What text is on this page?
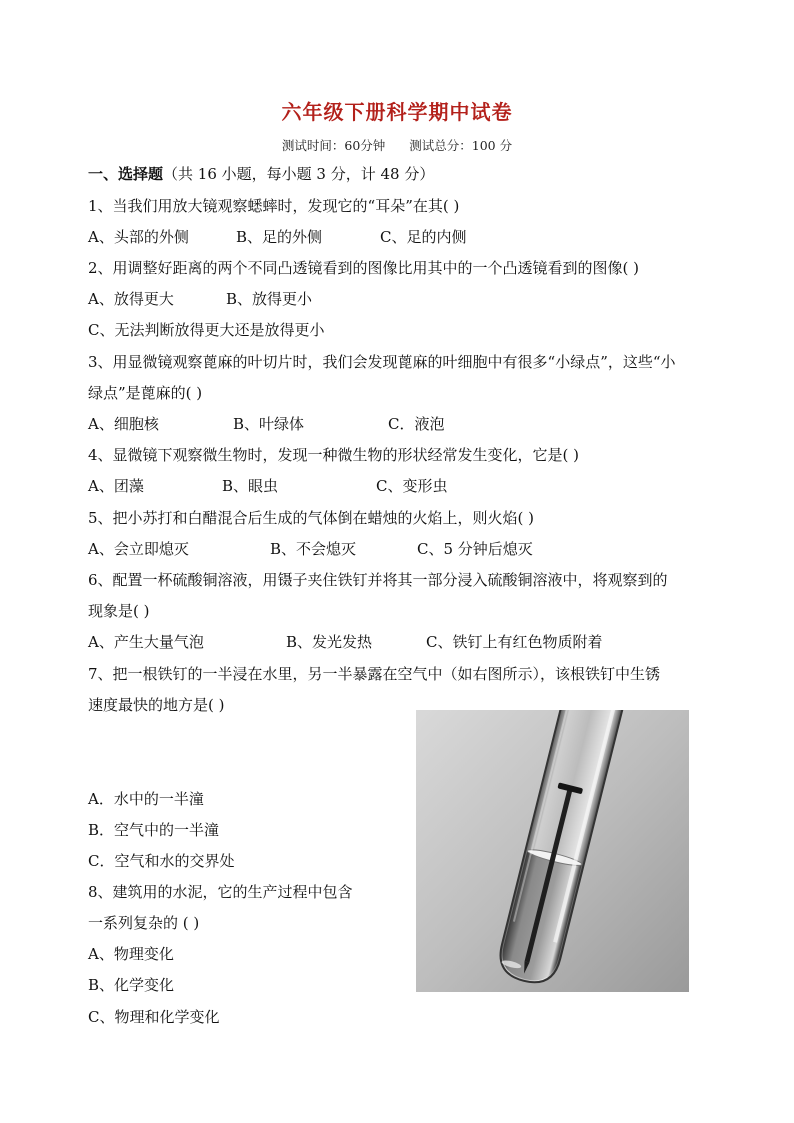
六年级下册科学期中试卷
测试时间：60分钟 测试总分：100 分
一、选择题（共 16 小题，每小题 3 分，计 48 分）
1、当我们用放大镜观察蟋蟀时，发现它的“耳朵”在其( )
A、头部的外侧	B、足的外侧	C、足的内侧
2、用调整好距离的两个不同凸透镜看到的图像比用其中的一个凸透镜看到的图像( )
A、放得更大	B、放得更小
C、无法判断放得更大还是放得更小
3、用显微镜观察蓖麻的叶切片时，我们会发现蓖麻的叶细胞中有很多“小绿点”，这些“小
绿点”是蓖麻的( )
A、细胞核	B、叶绿体	C．液泡
4、显微镜下观察微生物时，发现一种微生物的形状经常发生变化，它是( )
A、团藻	B、眼虫	C、变形虫
5、把小苏打和白醋混合后生成的气体倒在蜡烛的火焰上，则火焰( )
A、会立即熄灭	B、不会熄灭	C、5 分钟后熄灭
6、配置一杯硫酸铜溶液，用镊子夹住铁钉并将其一部分浸入硫酸铜溶液中，将观察到的
现象是( )
A、产生大量气泡	B、发光发热	C、铁钉上有红色物质附着
7、把一根铁钉的一半浸在水里，另一半暴露在空气中（如右图所示），该根铁钉中生锈
速度最快的地方是( )
A．水中的一半潼
B．空气中的一半潼
C．空气和水的交界处
8、建筑用的水泥，它的生产过程中包含
一系列复杂的 ( )
A、物理变化
B、化学变化
C、物理和化学变化
